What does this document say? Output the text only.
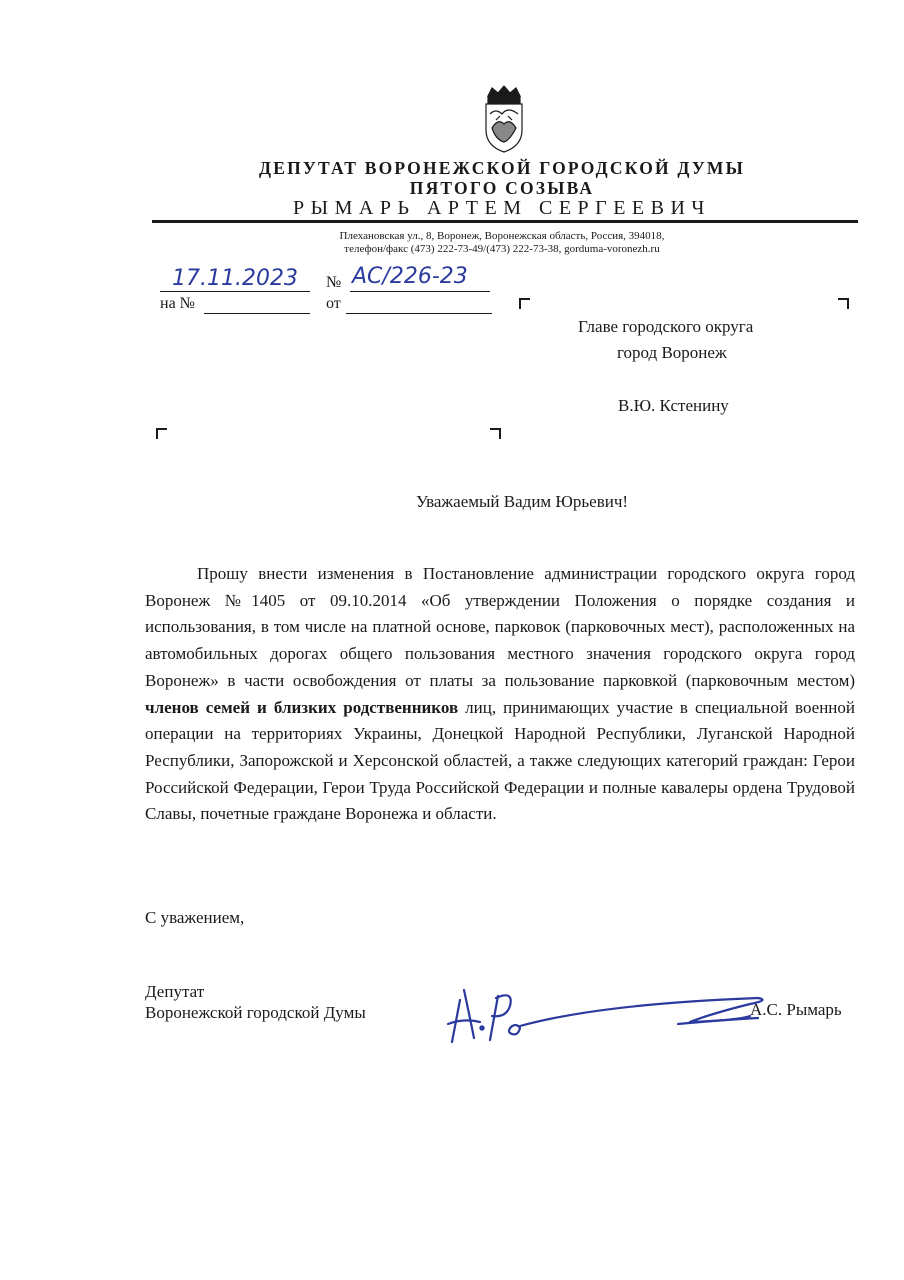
ДЕПУТАТ ВОРОНЕЖСКОЙ ГОРОДСКОЙ ДУМЫ
ПЯТОГО СОЗЫВА
РЫМАРЬ АРТЕМ СЕРГЕЕВИЧ
Плехановская ул., 8, Воронеж, Воронежская область, Россия, 394018,
телефон/факс (473) 222-73-49/(473) 222-73-38, gorduma-voronezh.ru
17.11.2023 № АС/226-23
на №	от
Главе городского округа
город Воронеж
В.Ю. Кстенину
Уважаемый Вадим Юрьевич!
Прошу внести изменения в Постановление администрации городского округа город Воронеж №1405 от 09.10.2014 «Об утверждении Положения о порядке создания и использования, в том числе на платной основе, парковок (парковочных мест), расположенных на автомобильных дорогах общего пользования местного значения городского округа город Воронеж» в части освобождения от платы за пользование парковкой (парковочным местом) членов семей и близких родственников лиц, принимающих участие в специальной военной операции на территориях Украины, Донецкой Народной Республики, Луганской Народной Республики, Запорожской и Херсонской областей, а также следующих категорий граждан: Герои Российской Федерации, Герои Труда Российской Федерации и полные кавалеры ордена Трудовой Славы, почетные граждане Воронежа и области.
С уважением,
Депутат
Воронежской городской Думы	А.С. Рымарь
